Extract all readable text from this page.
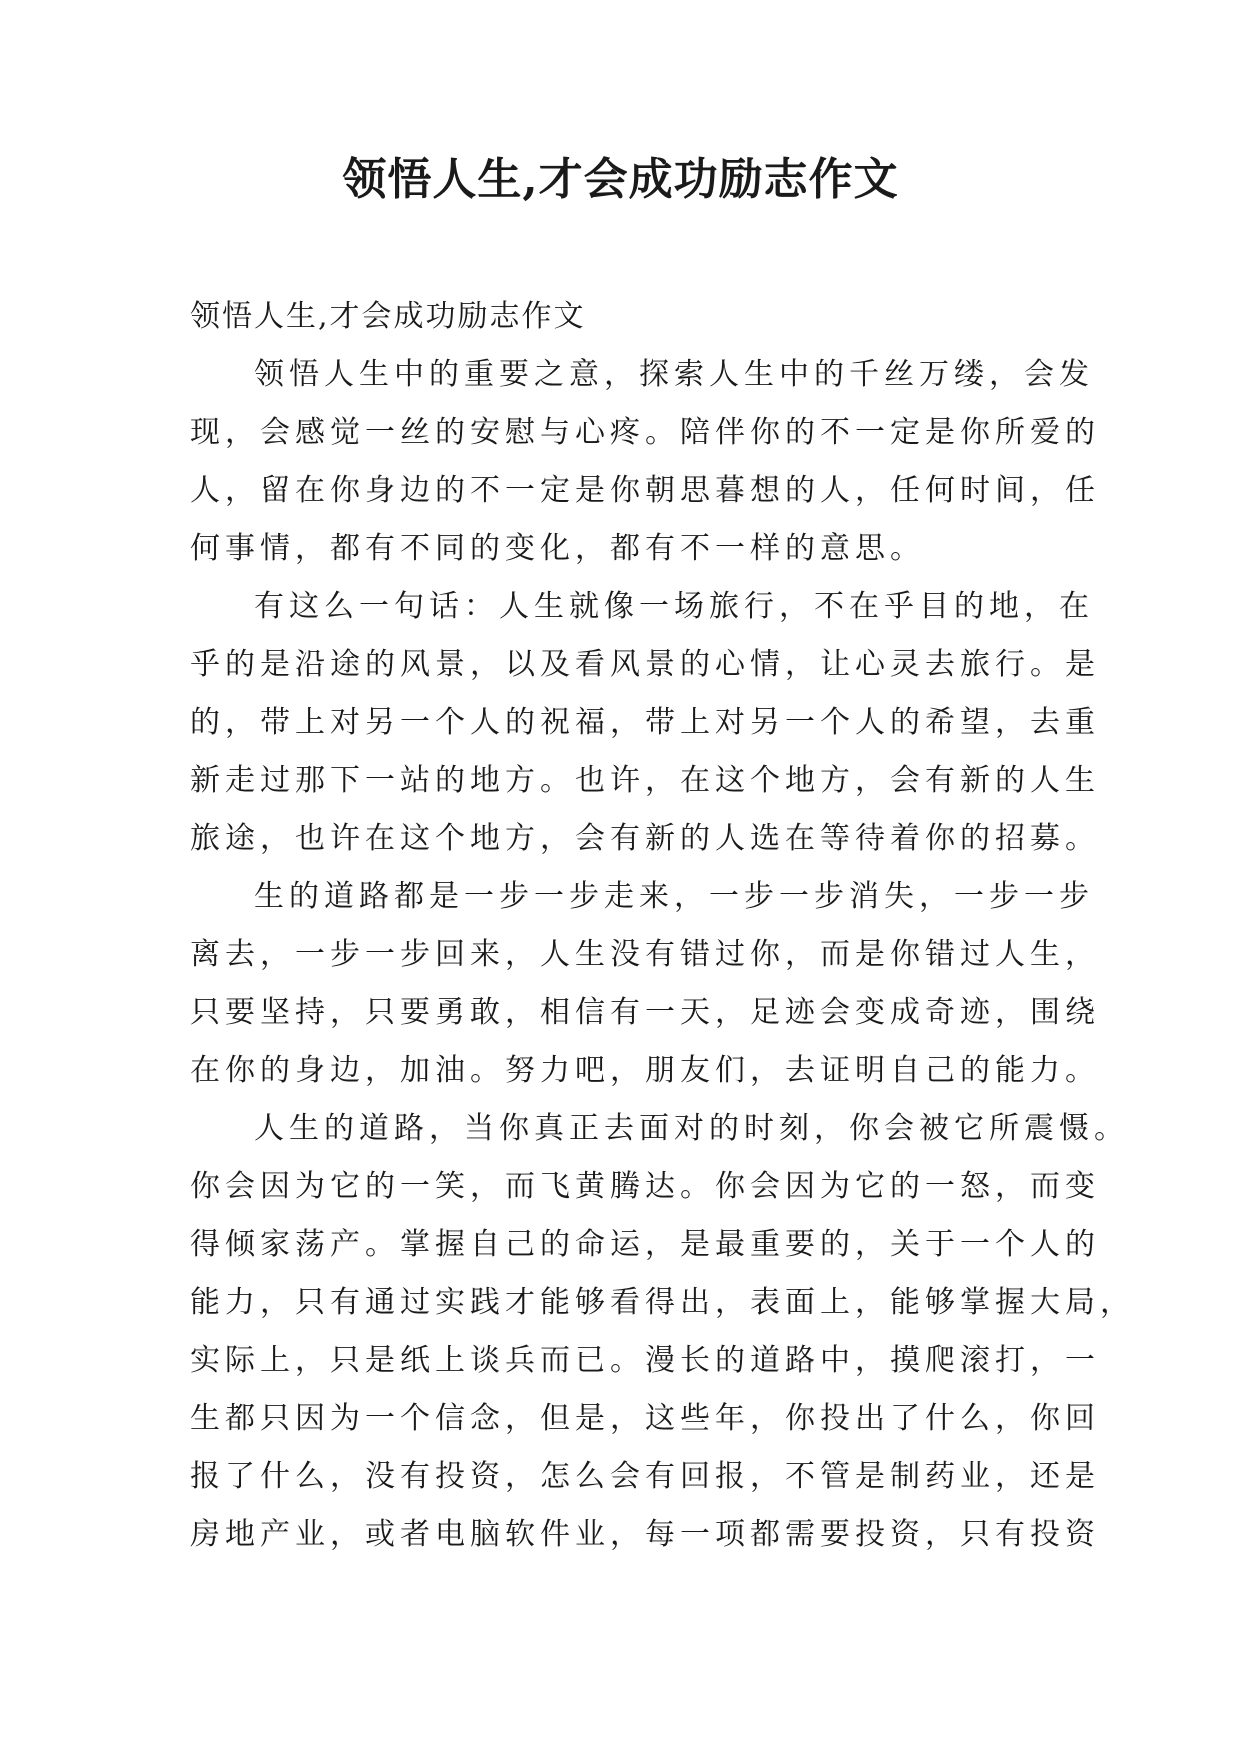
领悟人生,才会成功励志作文

领悟人生,才会成功励志作文

领悟人生中的重要之意，探索人生中的千丝万缕，会发
现，会感觉一丝的安慰与心疼。陪伴你的不一定是你所爱的
人，留在你身边的不一定是你朝思暮想的人，任何时间，任
何事情，都有不同的变化，都有不一样的意思。

有这么一句话：人生就像一场旅行，不在乎目的地，在
乎的是沿途的风景，以及看风景的心情，让心灵去旅行。是
的，带上对另一个人的祝福，带上对另一个人的希望，去重
新走过那下一站的地方。也许，在这个地方，会有新的人生
旅途，也许在这个地方，会有新的人选在等待着你的招募。

生的道路都是一步一步走来，一步一步消失，一步一步
离去，一步一步回来，人生没有错过你，而是你错过人生，
只要坚持，只要勇敢，相信有一天，足迹会变成奇迹，围绕
在你的身边，加油。努力吧，朋友们，去证明自己的能力。

人生的道路，当你真正去面对的时刻，你会被它所震慑。
你会因为它的一笑，而飞黄腾达。你会因为它的一怒，而变
得倾家荡产。掌握自己的命运，是最重要的，关于一个人的
能力，只有通过实践才能够看得出，表面上，能够掌握大局，
实际上，只是纸上谈兵而已。漫长的道路中，摸爬滚打，一
生都只因为一个信念，但是，这些年，你投出了什么，你回
报了什么，没有投资，怎么会有回报，不管是制药业，还是
房地产业，或者电脑软件业，每一项都需要投资，只有投资
